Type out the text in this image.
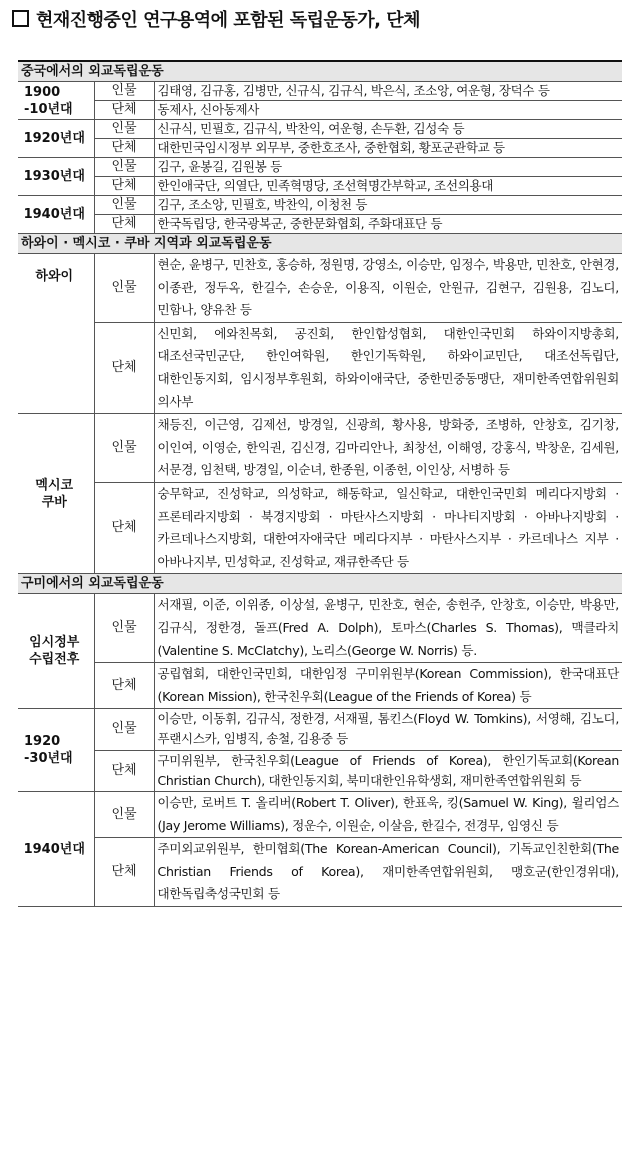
현재진행중인 연구용역에 포함된 독립운동가, 단체
중국에서의 외교독립운동		

1900
-10년대	인물	김태영, 김규홍, 김병만, 신규식, 김규식, 박은식, 조소앙, 여운형, 장덕수 등
	단체	동제사, 신아동제사
1920년대	인물	신규식, 민필호, 김규식, 박찬익, 여운형, 손두환, 김성숙 등
	단체	대한민국임시정부 외무부, 중한호조사, 중한협회, 황포군관학교 등
1930년대	인물	김구, 윤봉길, 김원봉 등
	단체	한인애국단, 의열단, 민족혁명당, 조선혁명간부학교, 조선의용대
1940년대	인물	김구, 조소앙, 민필호, 박찬익, 이청천 등
	단체	한국독립당, 한국광복군, 중한문화협회, 주화대표단 등
하와이 · 멕시코 · 쿠바 지역과 외교독립운동		
하와이	인물	현순, 윤병구, 민찬호, 홍승하, 정원명, 강영소, 이승만, 임정수, 박용만, 민찬호, 안현경, 이종관, 정두옥, 한길수, 손승운, 이용직, 이원순, 안원규, 김현구, 김원용, 김노디, 민함나, 양유찬 등
	단체	신민회, 에와친목회, 공진회, 한인합성협회, 대한인국민회 하와이지방총회, 대조선국민군단, 한인여학원, 한인기독학원, 하와이교민단, 대조선독립단, 대한인동지회, 임시정부후원회, 하와이애국단, 중한민중동맹단, 재미한족연합위원회 의사부

멕시코
쿠바	인물	채등진, 이근영, 김제선, 방경일, 신광희, 황사용, 방화중, 조병하, 안창호, 김기창, 이인여, 이영순, 한익권, 김신경, 김마리안나, 최창선, 이해영, 강홍식, 박창운, 김세원, 서문경, 임천택, 방경일, 이순녀, 한종원, 이종헌, 이인상, 서병하 등
	단체	숭무학교, 진성학교, 의성학교, 해동학교, 일신학교, 대한인국민회 메리다지방회 · 프론테라지방회 · 북경지방회 · 마탄사스지방회 · 마나티지방회 · 아바나지방회 · 카르데나스지방회, 대한여자애국단 메리다지부 · 마탄사스지부 · 카르데나스 지부 · 아바나지부, 민성학교, 진성학교, 재큐한족단 등
구미에서의 외교독립운동		

임시정부
수립전후	인물	서재필, 이준, 이위종, 이상설, 윤병구, 민찬호, 현순, 송헌주, 안창호, 이승만, 박용만, 김규식, 정한경, 돌프(Fred A. Dolph), 토마스(Charles S. Thomas), 맥클라치(Valentine S. McClatchy), 노리스(George W. Norris) 등.
	단체	공립협회, 대한인국민회, 대한임정 구미위원부(Korean Commission), 한국대표단(Korean Mission), 한국친우회(League of the Friends of Korea) 등

1920
-30년대	인물	이승만, 이동휘, 김규식, 정한경, 서재필, 톰킨스(Floyd W. Tomkins), 서영해, 김노디, 푸랜시스카, 임병직, 송철, 김용중 등
	단체	구미위원부, 한국친우회(League of Friends of Korea), 한인기독교회(Korean Christian Church), 대한인동지회, 북미대한인유학생회, 재미한족연합위원회 등
1940년대	인물	이승만, 로버트 T. 올리버(Robert T. Oliver), 한표욱, 킹(Samuel W. King), 윌리엄스(Jay Jerome Williams), 정운수, 이원순, 이살음, 한길수, 전경무, 임영신 등
	단체	주미외교위원부, 한미협회(The Korean-American Council), 기독교인친한회(The Christian Friends of Korea), 재미한족연합위원회, 맹호군(한인경위대), 대한독립축성국민회 등
